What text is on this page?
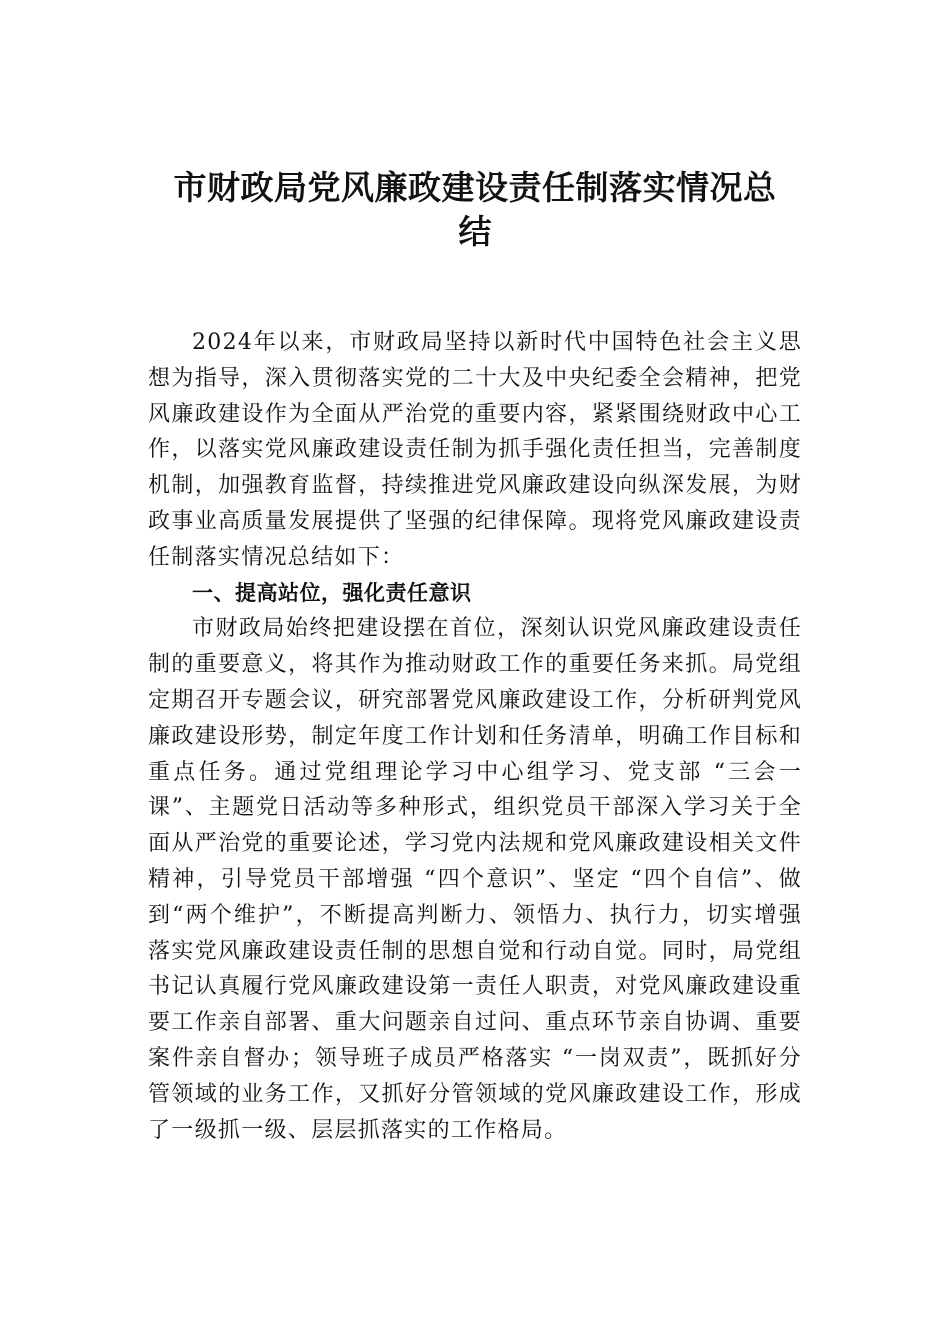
市财政局党风廉政建设责任制落实情况总
结

2024年以来，市财政局坚持以新时代中国特色社会主义思想为指导，深入贯彻落实党的二十大及中央纪委全会精神，把党风廉政建设作为全面从严治党的重要内容，紧紧围绕财政中心工作，以落实党风廉政建设责任制为抓手强化责任担当，完善制度机制，加强教育监督，持续推进党风廉政建设向纵深发展，为财政事业高质量发展提供了坚强的纪律保障。现将党风廉政建设责任制落实情况总结如下：

一、提高站位，强化责任意识

市财政局始终把建设摆在首位，深刻认识党风廉政建设责任制的重要意义，将其作为推动财政工作的重要任务来抓。局党组定期召开专题会议，研究部署党风廉政建设工作，分析研判党风廉政建设形势，制定年度工作计划和任务清单，明确工作目标和重点任务。通过党组理论学习中心组学习、党支部 “三会一课”、主题党日活动等多种形式，组织党员干部深入学习关于全面从严治党的重要论述，学习党内法规和党风廉政建设相关文件精神，引导党员干部增强 “四个意识”、坚定 “四个自信”、做到“两个维护”，不断提高判断力、领悟力、执行力，切实增强落实党风廉政建设责任制的思想自觉和行动自觉。同时，局党组书记认真履行党风廉政建设第一责任人职责，对党风廉政建设重要工作亲自部署、重大问题亲自过问、重点环节亲自协调、重要案件亲自督办；领导班子成员严格落实 “一岗双责”，既抓好分管领域的业务工作，又抓好分管领域的党风廉政建设工作，形成了一级抓一级、层层抓落实的工作格局。
